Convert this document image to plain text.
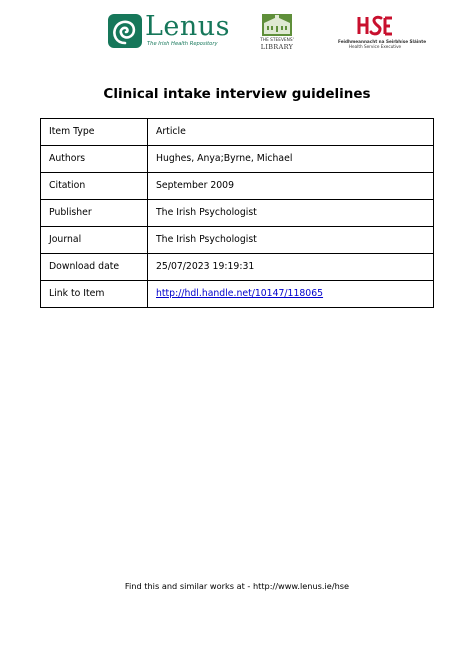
Lenus
The Irish Health Repository
THE STEEVENS'
LIBRARY
Feidhmeannacht na Seirbhíse Sláinte
Health Service Executive
Clinical intake interview guidelines
Item Type	Article
Authors	Hughes, Anya;Byrne, Michael
Citation	September 2009
Publisher	The Irish Psychologist
Journal	The Irish Psychologist
Download date	25/07/2023 19:19:31
Link to Item	http://hdl.handle.net/10147/118065
Find this and similar works at - http://www.lenus.ie/hse
